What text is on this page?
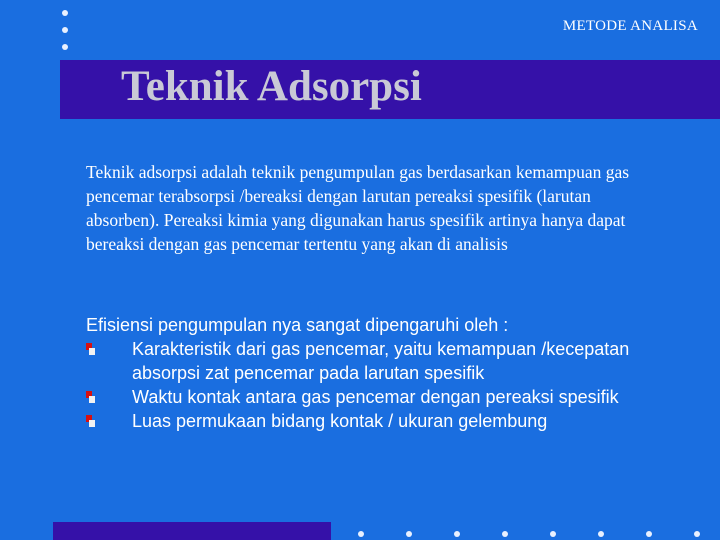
METODE ANALISA
Teknik Adsorpsi
Teknik adsorpsi adalah teknik pengumpulan gas berdasarkan kemampuan gas pencemar terabsorpsi /bereaksi dengan larutan pereaksi spesifik (larutan absorben). Pereaksi kimia yang digunakan harus spesifik artinya hanya dapat bereaksi dengan gas pencemar tertentu yang akan di analisis

Efisiensi pengumpulan nya sangat dipengaruhi oleh :

Karakteristik dari gas pencemar, yaitu kemampuan /kecepatan absorpsi zat pencemar pada larutan spesifik
Waktu kontak antara gas pencemar dengan pereaksi spesifik
Luas permukaan bidang kontak / ukuran gelembung
